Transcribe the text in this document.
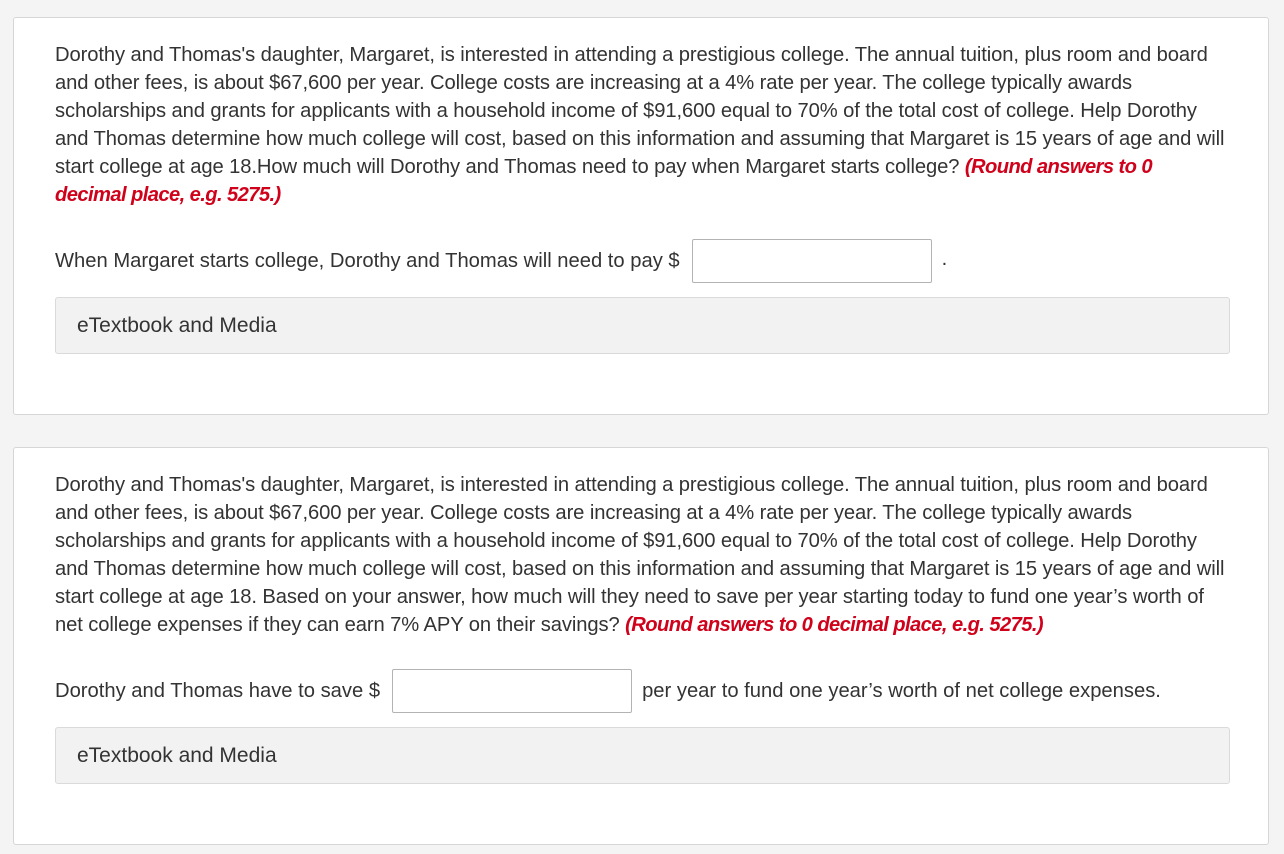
Dorothy and Thomas's daughter, Margaret, is interested in attending a prestigious college. The annual tuition, plus room and board and other fees, is about $67,600 per year. College costs are increasing at a 4% rate per year. The college typically awards scholarships and grants for applicants with a household income of $91,600 equal to 70% of the total cost of college. Help Dorothy and Thomas determine how much college will cost, based on this information and assuming that Margaret is 15 years of age and will start college at age 18.How much will Dorothy and Thomas need to pay when Margaret starts college? (Round answers to 0 decimal place, e.g. 5275.)

When Margaret starts college, Dorothy and Thomas will need to pay $	.
eTextbook and Media

Dorothy and Thomas's daughter, Margaret, is interested in attending a prestigious college. The annual tuition, plus room and board and other fees, is about $67,600 per year. College costs are increasing at a 4% rate per year. The college typically awards scholarships and grants for applicants with a household income of $91,600 equal to 70% of the total cost of college. Help Dorothy and Thomas determine how much college will cost, based on this information and assuming that Margaret is 15 years of age and will start college at age 18. Based on your answer, how much will they need to save per year starting today to fund one year’s worth of net college expenses if they can earn 7% APY on their savings? (Round answers to 0 decimal place, e.g. 5275.)

Dorothy and Thomas have to save $	per year to fund one year’s worth of net college expenses.
eTextbook and Media
